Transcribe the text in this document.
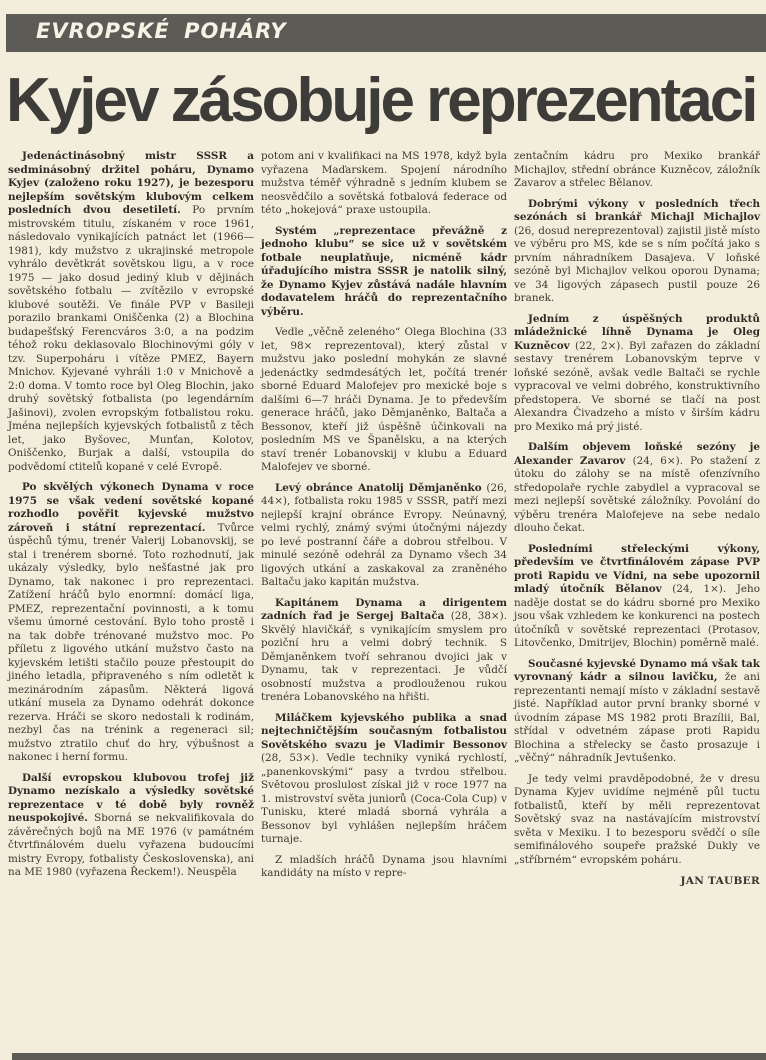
EVROPSKÉ POHÁRY
Kyjev zásobuje reprezentaci

Jedenáctinásobný mistr SSSR a sedminásobný držitel poháru, Dynamo Kyjev (založeno roku 1927), je bezesporu nejlepším sovětským klubovým celkem posledních dvou desetiletí. Po prvním mistrovském titulu, získaném v roce 1961, následovalo vynikajících patnáct let (1966—1981), kdy mužstvo z ukrajinské metropole vyhrálo devětkrát sovětskou ligu, a v roce 1975 — jako dosud jediný klub v dějinách sovětského fotbalu — zvítězilo v evropské klubové soutěži. Ve finále PVP v Basileji porazilo brankami Oniščenka (2) a Blochina budapešťský Ferencváros 3:0, a na podzim téhož roku deklasovalo Blochinovými góly v tzv. Superpoháru i vítěze PMEZ, Bayern Mnichov. Kyjevané vyhráli 1:0 v Mnichově a 2:0 doma. V tomto roce byl Oleg Blochin, jako druhý sovětský fotbalista (po legendárním Jašinovi), zvolen evropským fotbalistou roku. Jména nejlepších kyjevských fotbalistů z těch let, jako Byšovec, Munťan, Kolotov, Oniščenko, Burjak a další, vstoupila do podvědomí ctitelů kopané v celé Evropě.

Po skvělých výkonech Dynama v roce 1975 se však vedení sovětské kopané rozhodlo pověřit kyjevské mužstvo zároveň i státní reprezentací. Tvůrce úspěchů týmu, trenér Valerij Lobanovskij, se stal i trenérem sborné. Toto rozhodnutí, jak ukázaly výsledky, bylo nešťastné jak pro Dynamo, tak nakonec i pro reprezentaci. Zatížení hráčů bylo enormní: domácí liga, PMEZ, reprezentační povinnosti, a k tomu všemu úmorné cestování. Bylo toho prostě i na tak dobře trénované mužstvo moc. Po příletu z ligového utkání mužstvo často na kyjevském letišti stačilo pouze přestoupit do jiného letadla, připraveného s ním odletět k mezinárodním zápasům. Některá ligová utkání musela za Dynamo odehrát dokonce rezerva. Hráči se skoro nedostali k rodinám, nezbyl čas na trénink a regeneraci sil; mužstvo ztratilo chuť do hry, výbušnost a nakonec i herní formu.

Další evropskou klubovou trofej již Dynamo nezískalo a výsledky sovětské reprezentace v té době byly rovněž neuspokojivé. Sborná se nekvalifikovala do závěrečných bojů na ME 1976 (v památném čtvrtfinálovém duelu vyřazena budoucími mistry Evropy, fotbalisty Československa), ani na ME 1980 (vyřazena Řeckem!). Neuspěla

potom ani v kvalifikaci na MS 1978, když byla vyřazena Maďarskem. Spojení národního mužstva téměř výhradně s jedním klubem se neosvědčilo a sovětská fotbalová federace od této „hokejová“ praxe ustoupila.

Systém „reprezentace převážně z jednoho klubu“ se sice už v sovětském fotbale neuplatňuje, nicméně kádr úřadujícího mistra SSSR je natolik silný, že Dynamo Kyjev zůstává nadále hlavním dodavatelem hráčů do reprezentačního výběru.

Vedle „věčně zeleného“ Olega Blochina (33 let, 98× reprezentoval), který zůstal v mužstvu jako poslední mohykán ze slavné jedenáctky sedmdesátých let, počítá trenér sborné Eduard Malofejev pro mexické boje s dalšími 6—7 hráči Dynama. Je to především generace hráčů, jako Děmjaněnko, Baltača a Bessonov, kteří již úspěšně účinkovali na posledním MS ve Španělsku, a na kterých staví trenér Lobanovskij v klubu a Eduard Malofejev ve sborné.

Levý obránce Anatolij Děmjaněnko (26, 44×), fotbalista roku 1985 v SSSR, patří mezi nejlepší krajní obránce Evropy. Neúnavný, velmi rychlý, známý svými útočnými nájezdy po levé postranní čáře a dobrou střelbou. V minulé sezóně odehrál za Dynamo všech 34 ligových utkání a zaskakoval za zraněného Baltaču jako kapitán mužstva.

Kapitánem Dynama a dirigentem zadních řad je Sergej Baltača (28, 38×). Skvělý hlavičkář, s vynikajícím smyslem pro poziční hru a velmi dobrý technik. S Děmjaněnkem tvoří sehranou dvojici jak v Dynamu, tak v reprezentaci. Je vůdčí osobností mužstva a prodlouženou rukou trenéra Lobanovského na hřišti.

Miláčkem kyjevského publika a snad nejtechničtějším současným fotbalistou Sovětského svazu je Vladimir Bessonov (28, 53×). Vedle techniky vyniká rychlostí, „panenkovskými“ pasy a tvrdou střelbou. Světovou proslulost získal již v roce 1977 na 1. mistrovství světa juniorů (Coca-Cola Cup) v Tunisku, které mladá sborná vyhrála a Bessonov byl vyhlášen nejlepším hráčem turnaje.

Z mladších hráčů Dynama jsou hlavními kandidáty na místo v repre-

zentačním kádru pro Mexiko brankář Michajlov, střední obránce Kuzněcov, záložník Zavarov a střelec Bělanov.

Dobrými výkony v posledních třech sezónách si brankář Michajl Michajlov (26, dosud nereprezentoval) zajistil jistě místo ve výběru pro MS, kde se s ním počítá jako s prvním náhradníkem Dasajeva. V loňské sezóně byl Michajlov velkou oporou Dynama; ve 34 ligových zápasech pustil pouze 26 branek.

Jedním z úspěšných produktů mládežnické líhně Dynama je Oleg Kuzněcov (22, 2×). Byl zařazen do základní sestavy trenérem Lobanovským teprve v loňské sezóně, avšak vedle Baltači se rychle vypracoval ve velmi dobrého, konstruktivního předstopera. Ve sborné se tlačí na post Alexandra Čivadzeho a místo v širším kádru pro Mexiko má prý jisté.

Dalším objevem loňské sezóny je Alexander Zavarov (24, 6×). Po stažení z útoku do zálohy se na místě ofenzívního středopolaře rychle zabydlel a vypracoval se mezi nejlepší sovětské záložníky. Povolání do výběru trenéra Malofejeve na sebe nedalo dlouho čekat.

Posledními střeleckými výkony, především ve čtvrtfinálovém zápase PVP proti Rapidu ve Vídni, na sebe upozornil mladý útočník Bělanov (24, 1×). Jeho naděje dostat se do kádru sborné pro Mexiko jsou však vzhledem ke konkurenci na postech útočníků v sovětské reprezentaci (Protasov, Litovčenko, Dmitrijev, Blochin) poměrně malé.

Současné kyjevské Dynamo má však tak vyrovnaný kádr a silnou lavičku, že ani reprezentanti nemají místo v základní sestavě jisté. Například autor první branky sborné v úvodním zápase MS 1982 proti Brazílii, Bal, střídal v odvetném zápase proti Rapidu Blochina a střelecky se často prosazuje i „věčný“ náhradník Jevtušenko.

Je tedy velmi pravděpodobné, že v dresu Dynama Kyjev uvidíme nejméně půl tuctu fotbalistů, kteří by měli reprezentovat Sovětský svaz na nastávajícím mistrovství světa v Mexiku. I to bezesporu svědčí o síle semifinálového soupeře pražské Dukly ve „stříbrném“ evropském poháru.

JAN TAUBER
